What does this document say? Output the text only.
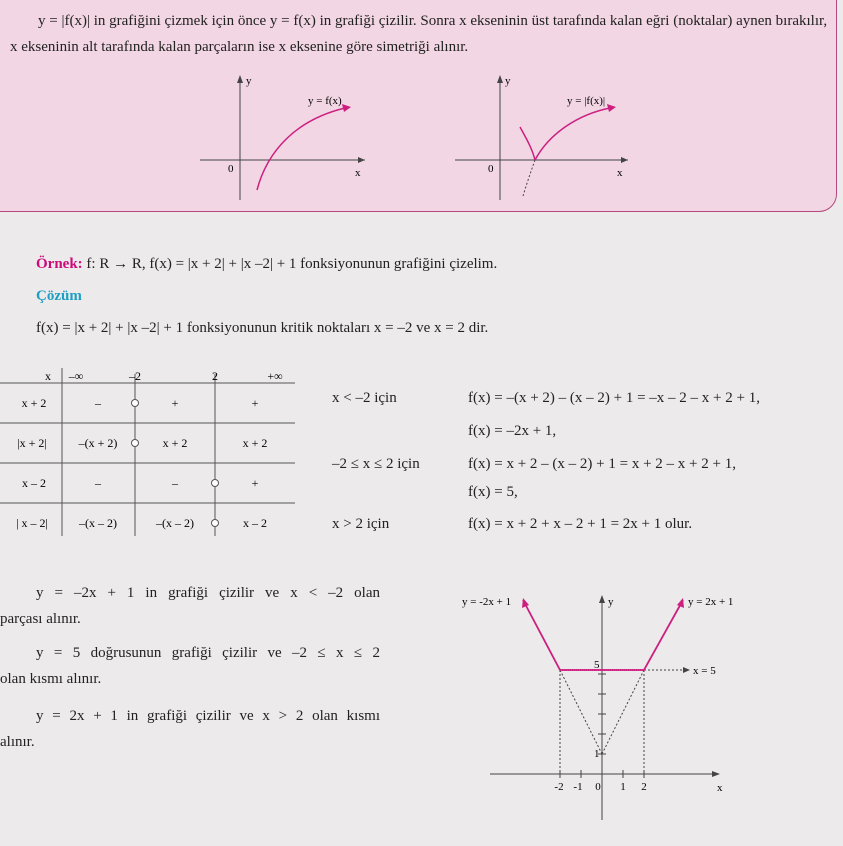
y = |f(x)| in grafiğini çizmek için önce y = f(x) in grafiği çizilir. Sonra x ekseninin üst tarafında kalan eğri (noktalar) aynen bırakılır, x ekseninin alt tarafında kalan parçaların ise x eksenine göre simetriği alınır.
y
0	x
y = f(x)
y
0	x
y = |f(x)|
Örnek: f: R → R, f(x) = |x + 2| + |x –2| + 1 fonksiyonunun grafiğini çizelim.
Çözüm
f(x) = |x + 2| + |x –2| + 1 fonksiyonunun kritik noktaları x = –2 ve x = 2 dir.
x –∞	–2	2	+∞
x + 2	–	+	+
|x + 2|	–(x + 2)	x + 2	x + 2
x – 2	–	–	+
| x – 2|	–(x – 2)	–(x – 2)	x – 2
x < –2 için	f(x) = –(x + 2) – (x – 2) + 1 = –x – 2 – x + 2 + 1,
f(x) = –2x + 1,
–2 ≤ x ≤ 2 için	f(x) = x + 2 – (x – 2) + 1 = x + 2 – x + 2 + 1,
f(x) = 5,
x > 2 için	f(x) = x + 2 + x – 2 + 1 = 2x + 1 olur.
y = –2x + 1 in grafiği çizilir ve x < –2 olan
parçası alınır.
y = 5 doğrusunun grafiği çizilir ve –2 ≤ x ≤ 2
olan kısmı alınır.
y = 2x + 1 in grafiği çizilir ve x > 2 olan kısmı
alınır.
y = -2x + 1	y = 2x + 1
x = 5
y
x
5
1
-2 -1 0 1 2
